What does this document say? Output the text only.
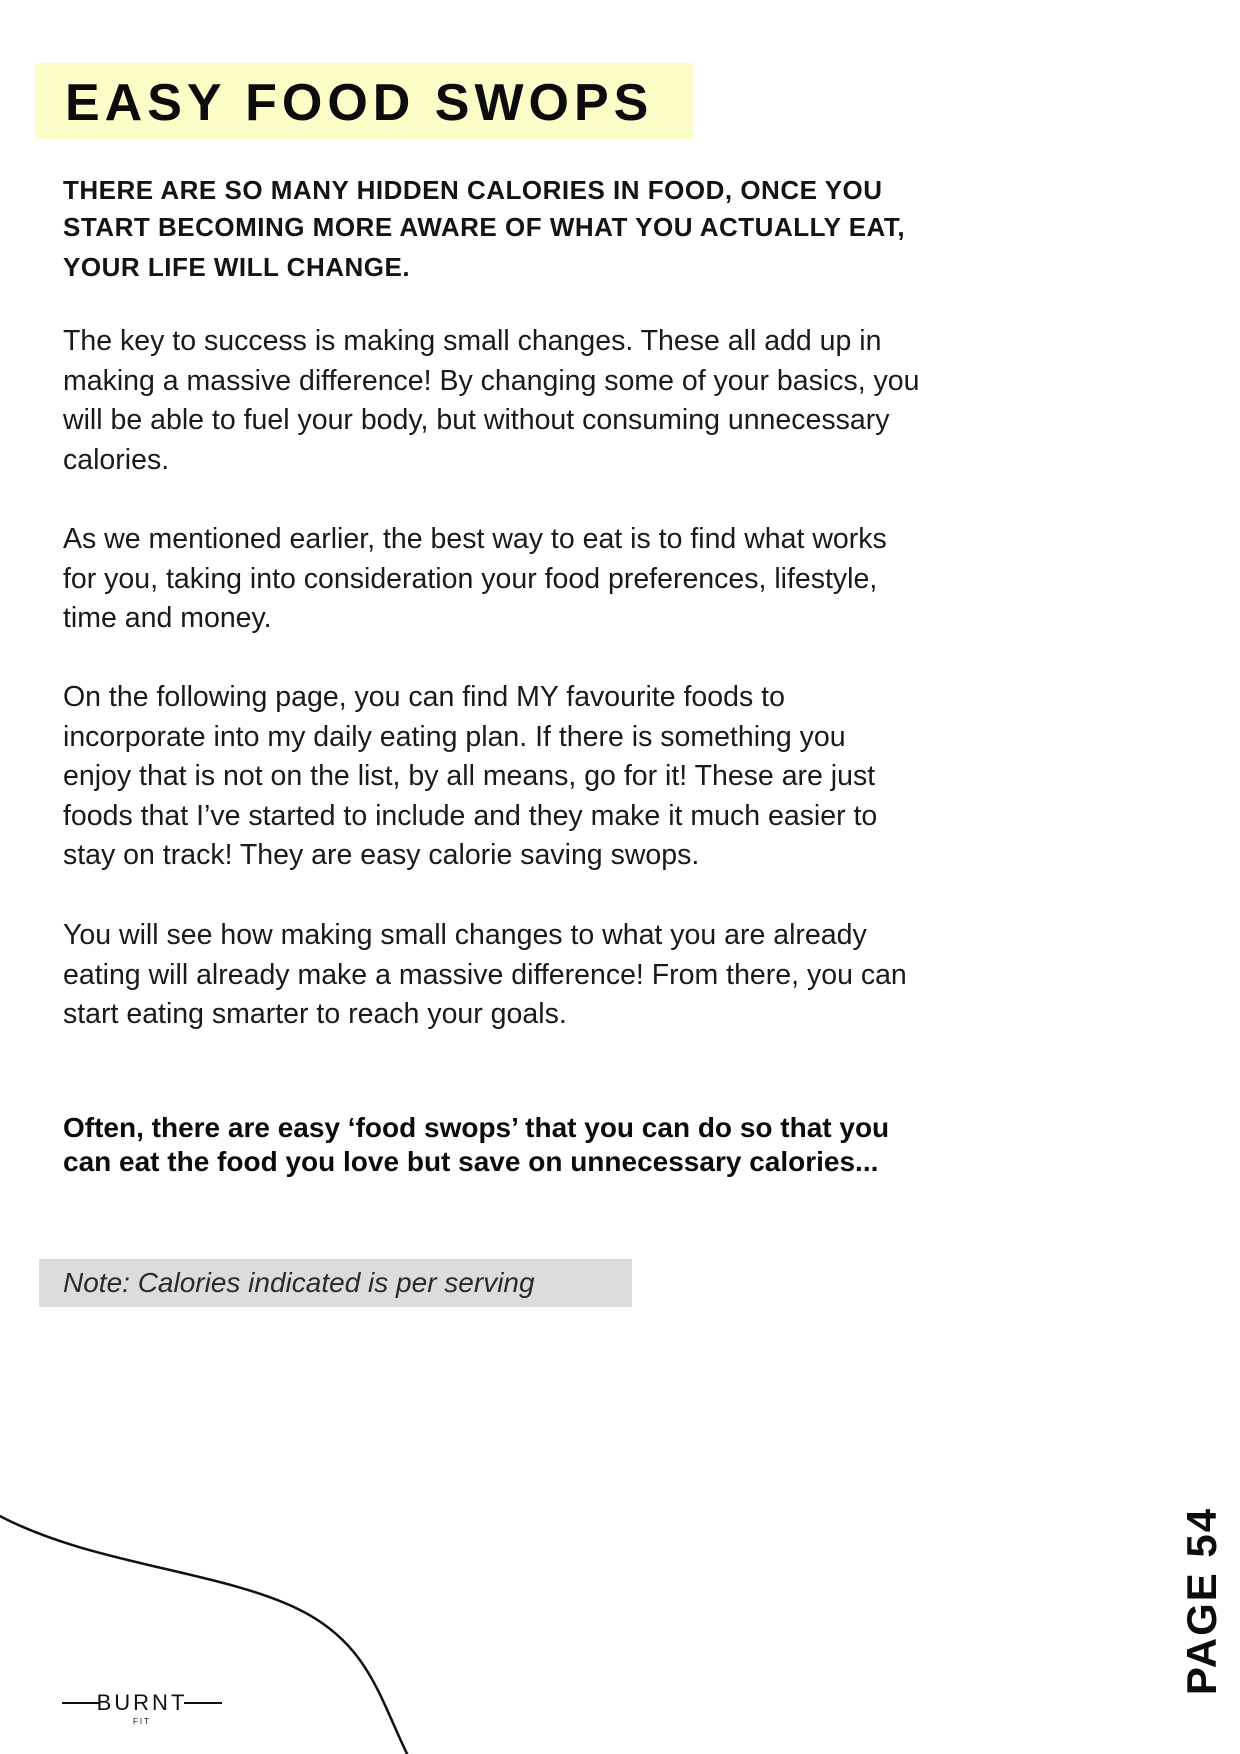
EASY FOOD SWOPS
THERE ARE SO MANY HIDDEN CALORIES IN FOOD, ONCE YOU
START BECOMING MORE AWARE OF WHAT YOU ACTUALLY EAT,
YOUR LIFE WILL CHANGE.
The key to success is making small changes. These all add up in
making a massive difference! By changing some of your basics, you
will be able to fuel your body, but without consuming unnecessary
calories.
As we mentioned earlier, the best way to eat is to find what works
for you, taking into consideration your food preferences, lifestyle,
time and money.
On the following page, you can find MY favourite foods to
incorporate into my daily eating plan. If there is something you
enjoy that is not on the list, by all means, go for it! These are just
foods that I’ve started to include and they make it much easier to
stay on track! They are easy calorie saving swops.
You will see how making small changes to what you are already
eating will already make a massive difference! From there, you can
start eating smarter to reach your goals.
Often, there are easy ‘food swops’ that you can do so that you
can eat the food you love but save on unnecessary calories...
Note: Calories indicated is per serving
PAGE 54
BURNT
FIT
